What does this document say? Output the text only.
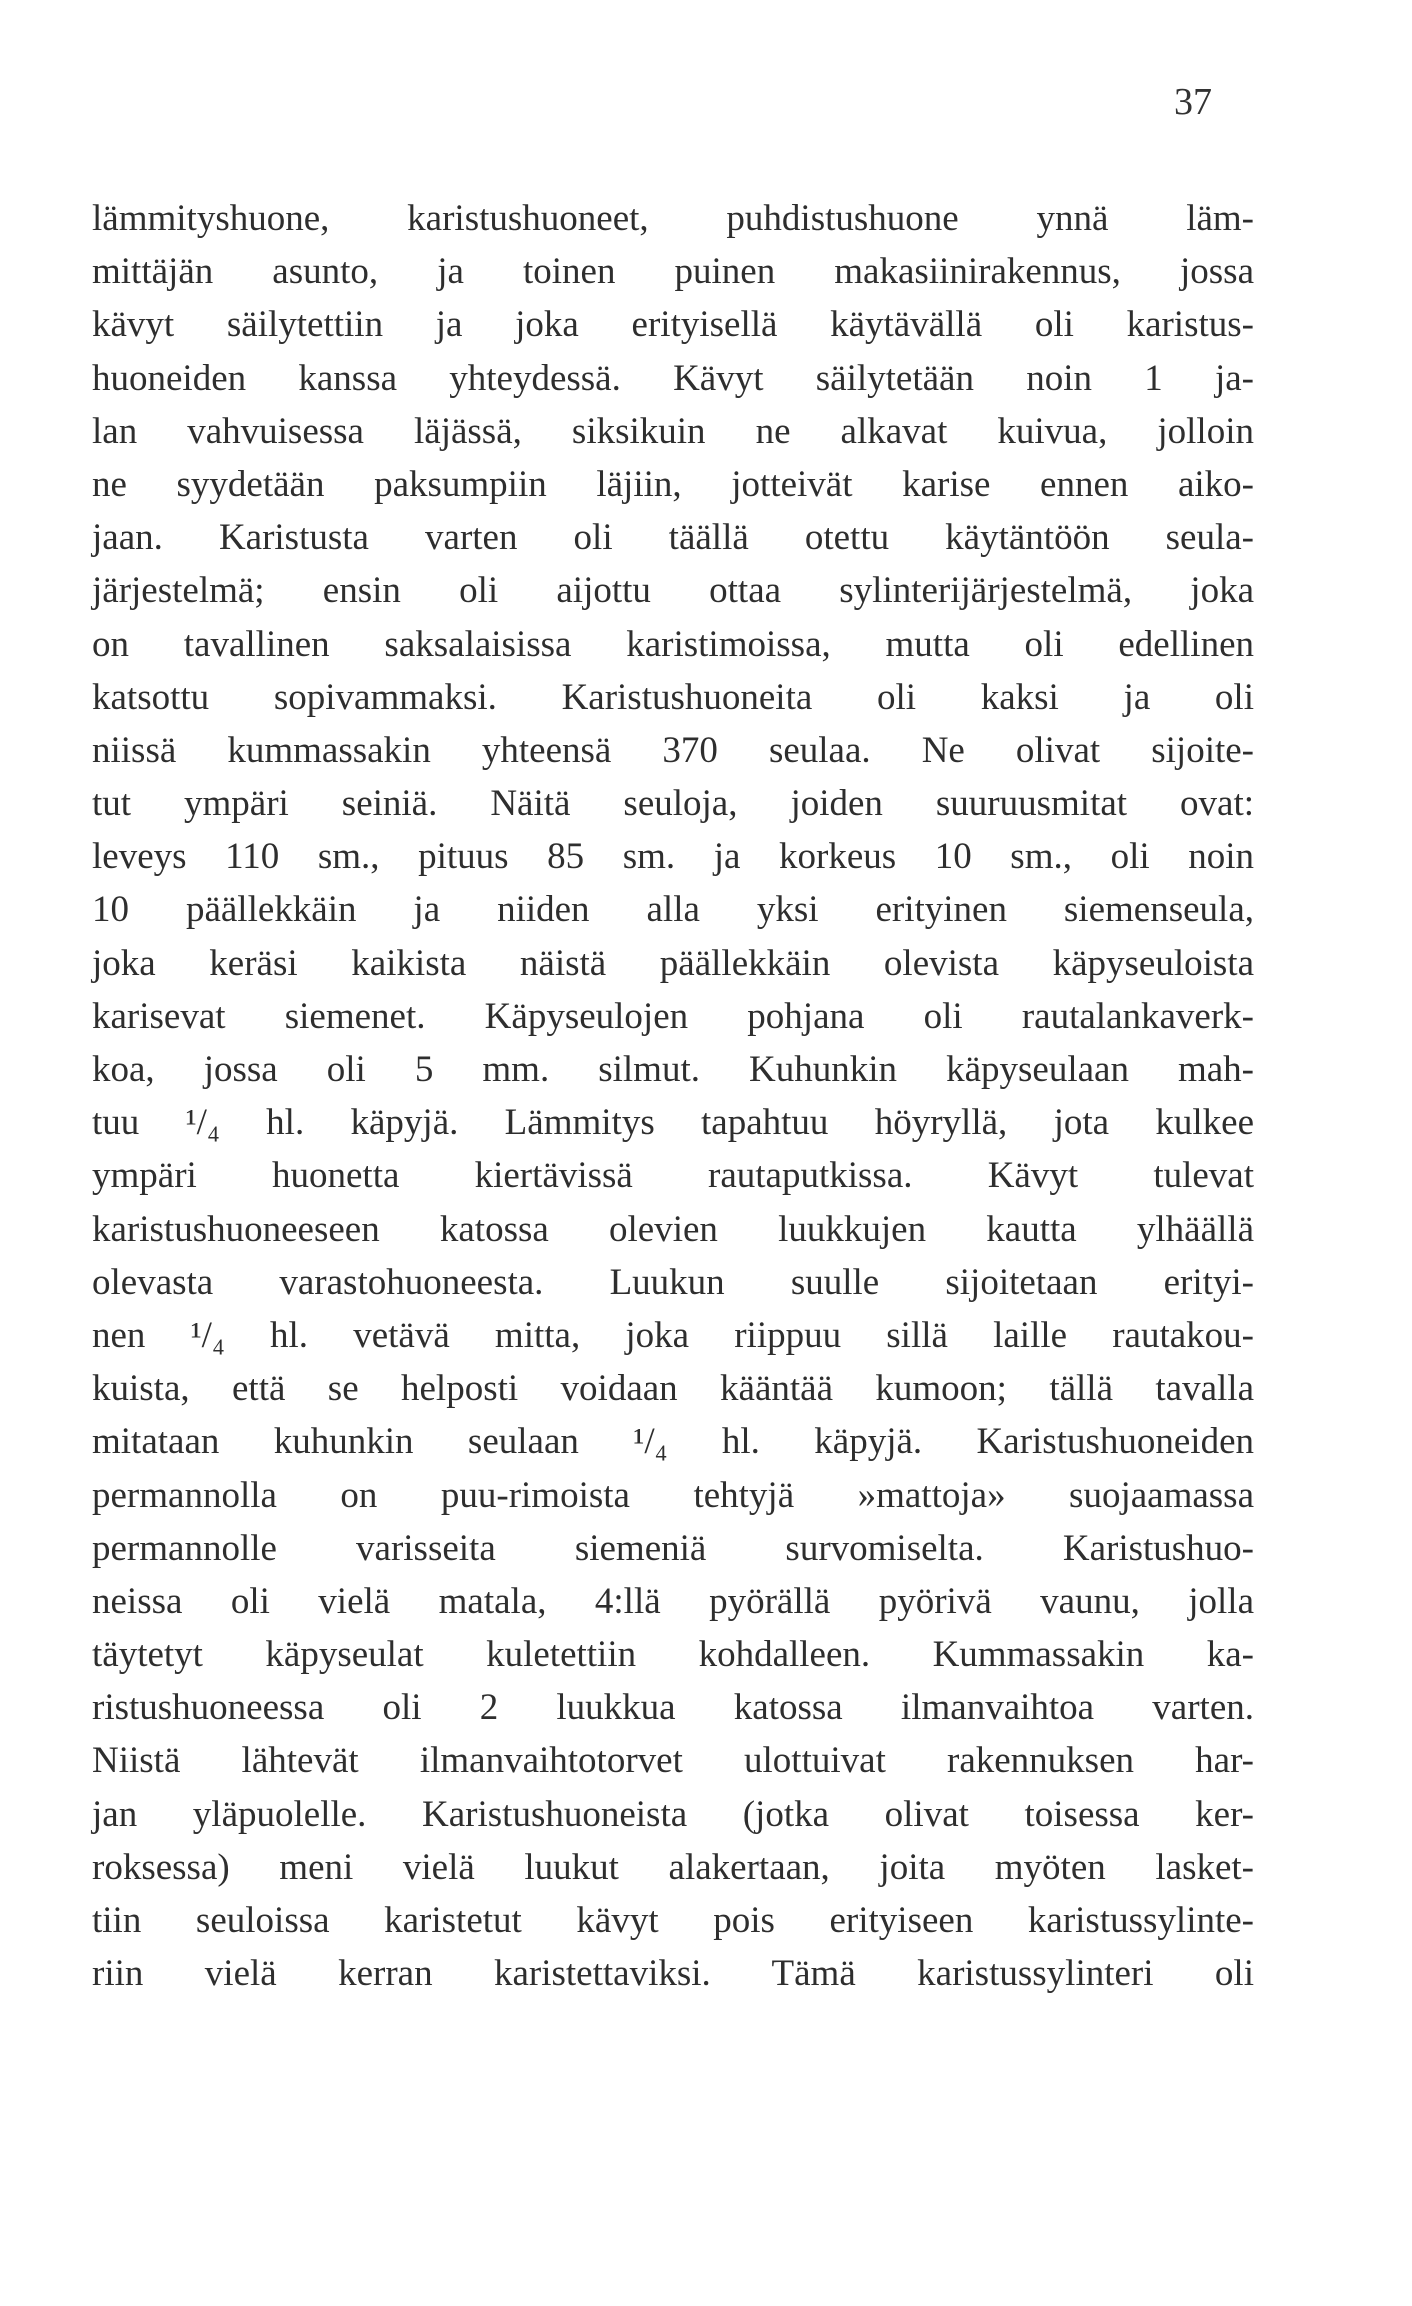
37
lämmityshuone, karistushuoneet, puhdistushuone ynnä läm-
mittäjän asunto, ja toinen puinen makasiinirakennus, jossa
kävyt säilytettiin ja joka erityisellä käytävällä oli karistus-
huoneiden kanssa yhteydessä. Kävyt säilytetään noin 1 ja-
lan vahvuisessa läjässä, siksikuin ne alkavat kuivua, jolloin
ne syydetään paksumpiin läjiin, jotteivät karise ennen aiko-
jaan. Karistusta varten oli täällä otettu käytäntöön seula-
järjestelmä; ensin oli aijottu ottaa sylinterijärjestelmä, joka
on tavallinen saksalaisissa karistimoissa, mutta oli edellinen
katsottu sopivammaksi. Karistushuoneita oli kaksi ja oli
niissä kummassakin yhteensä 370 seulaa. Ne olivat sijoite-
tut ympäri seiniä. Näitä seuloja, joiden suuruusmitat ovat:
leveys 110 sm., pituus 85 sm. ja korkeus 10 sm., oli noin
10 päällekkäin ja niiden alla yksi erityinen siemenseula,
joka keräsi kaikista näistä päällekkäin olevista käpyseuloista
karisevat siemenet. Käpyseulojen pohjana oli rautalankaverk-
koa, jossa oli 5 mm. silmut. Kuhunkin käpyseulaan mah-
tuu ¹/₄ hl. käpyjä. Lämmitys tapahtuu höyryllä, jota kulkee
ympäri huonetta kiertävissä rautaputkissa. Kävyt tulevat
karistushuoneeseen katossa olevien luukkujen kautta ylhäällä
olevasta varastohuoneesta. Luukun suulle sijoitetaan erityi-
nen ¹/₄ hl. vetävä mitta, joka riippuu sillä laille rautakou-
kuista, että se helposti voidaan kääntää kumoon; tällä tavalla
mitataan kuhunkin seulaan ¹/₄ hl. käpyjä. Karistushuoneiden
permannolla on puu-rimoista tehtyjä »mattoja» suojaamassa
permannolle varisseita siemeniä survomiselta. Karistushuo-
neissa oli vielä matala, 4:llä pyörällä pyörivä vaunu, jolla
täytetyt käpyseulat kuletettiin kohdalleen. Kummassakin ka-
ristushuoneessa oli 2 luukkua katossa ilmanvaihtoa varten.
Niistä lähtevät ilmanvaihtotorvet ulottuivat rakennuksen har-
jan yläpuolelle. Karistushuoneista (jotka olivat toisessa ker-
roksessa) meni vielä luukut alakertaan, joita myöten lasket-
tiin seuloissa karistetut kävyt pois erityiseen karistussylinte-
riin vielä kerran karistettaviksi. Tämä karistussylinteri oli
